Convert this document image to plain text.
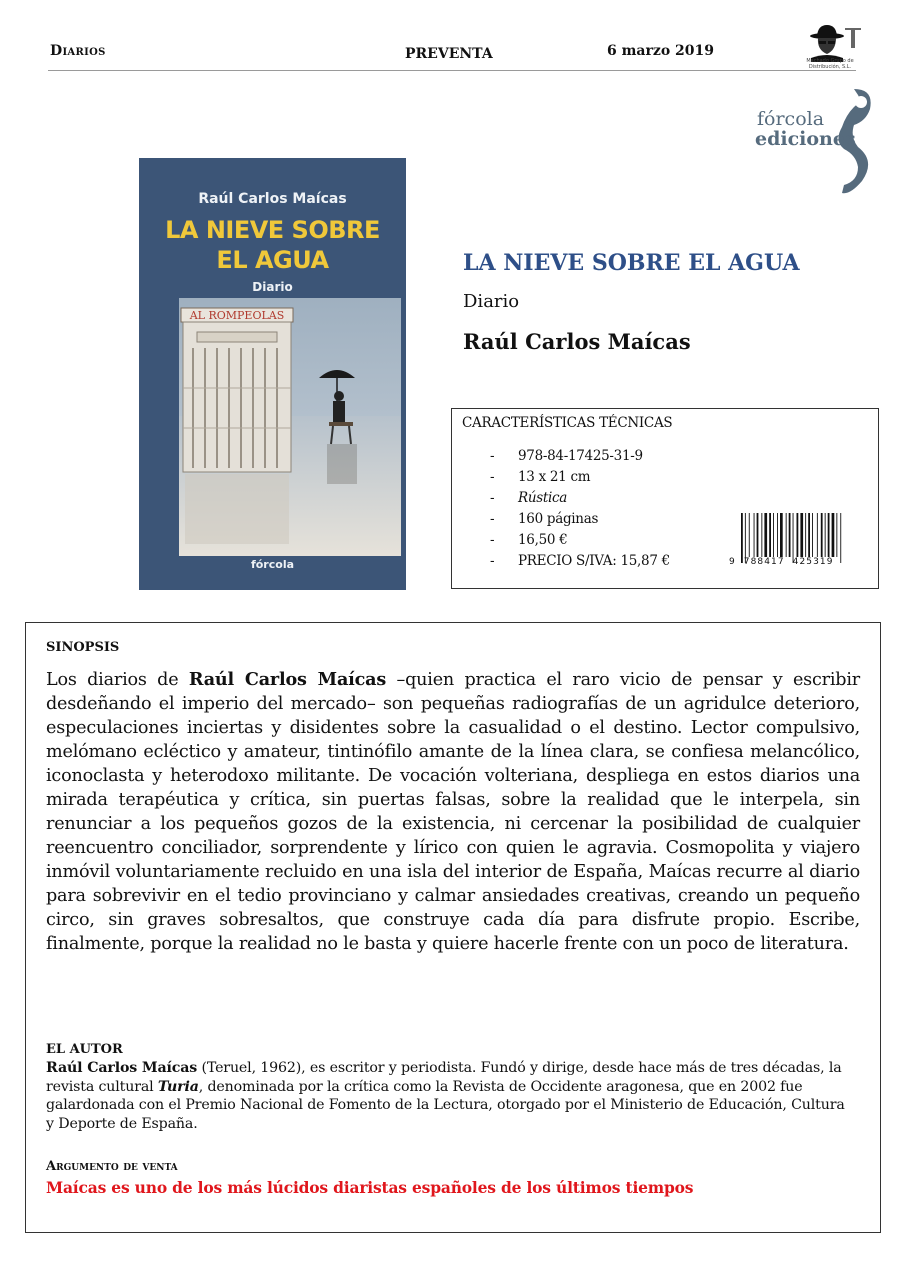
Diarios	PREVENTA	6 marzo 2019
Machado Grupo de Distribución, S.L.
fórcola
ediciones
Raúl Carlos Maícas
LA NIEVE SOBRE
EL AGUA
Diario
AL ROMPEOLAS
fórcola
LA NIEVE SOBRE EL AGUA
Diario
Raúl Carlos Maícas
CARACTERÍSTICAS TÉCNICAS
- 978-84-17425-31-9
- 13 x 21 cm
- Rústica
- 160 páginas
- 16,50 €
- PRECIO S/IVA: 15,87 €	9  788417  425319
SINOPSIS
Los diarios de Raúl Carlos Maícas –quien practica el raro vicio de pensar y escribir desdeñando el imperio del mercado– son pequeñas radiografías de un agridulce deterioro, especulaciones inciertas y disidentes sobre la casualidad o el destino. Lector compulsivo, melómano ecléctico y amateur, tintinófilo amante de la línea clara, se confiesa melancólico, iconoclasta y heterodoxo militante. De vocación volteriana, despliega en estos diarios una mirada terapéutica y crítica, sin puertas falsas, sobre la realidad que le interpela, sin renunciar a los pequeños gozos de la existencia, ni cercenar la posibilidad de cualquier reencuentro conciliador, sorprendente y lírico con quien le agravia. Cosmopolita y viajero inmóvil voluntariamente recluido en una isla del interior de España, Maícas recurre al diario para sobrevivir en el tedio provinciano y calmar ansiedades creativas, creando un pequeño circo, sin graves sobresaltos, que construye cada día para disfrute propio. Escribe, finalmente, porque la realidad no le basta y quiere hacerle frente con un poco de literatura.
EL AUTOR
Raúl Carlos Maícas (Teruel, 1962), es escritor y periodista. Fundó y dirige, desde hace más de tres décadas, la revista cultural Turia, denominada por la crítica como la Revista de Occidente aragonesa, que en 2002 fue galardonada con el Premio Nacional de Fomento de la Lectura, otorgado por el Ministerio de Educación, Cultura y Deporte de España.
Argumento de venta
Maícas es uno de los más lúcidos diaristas españoles de los últimos tiempos
